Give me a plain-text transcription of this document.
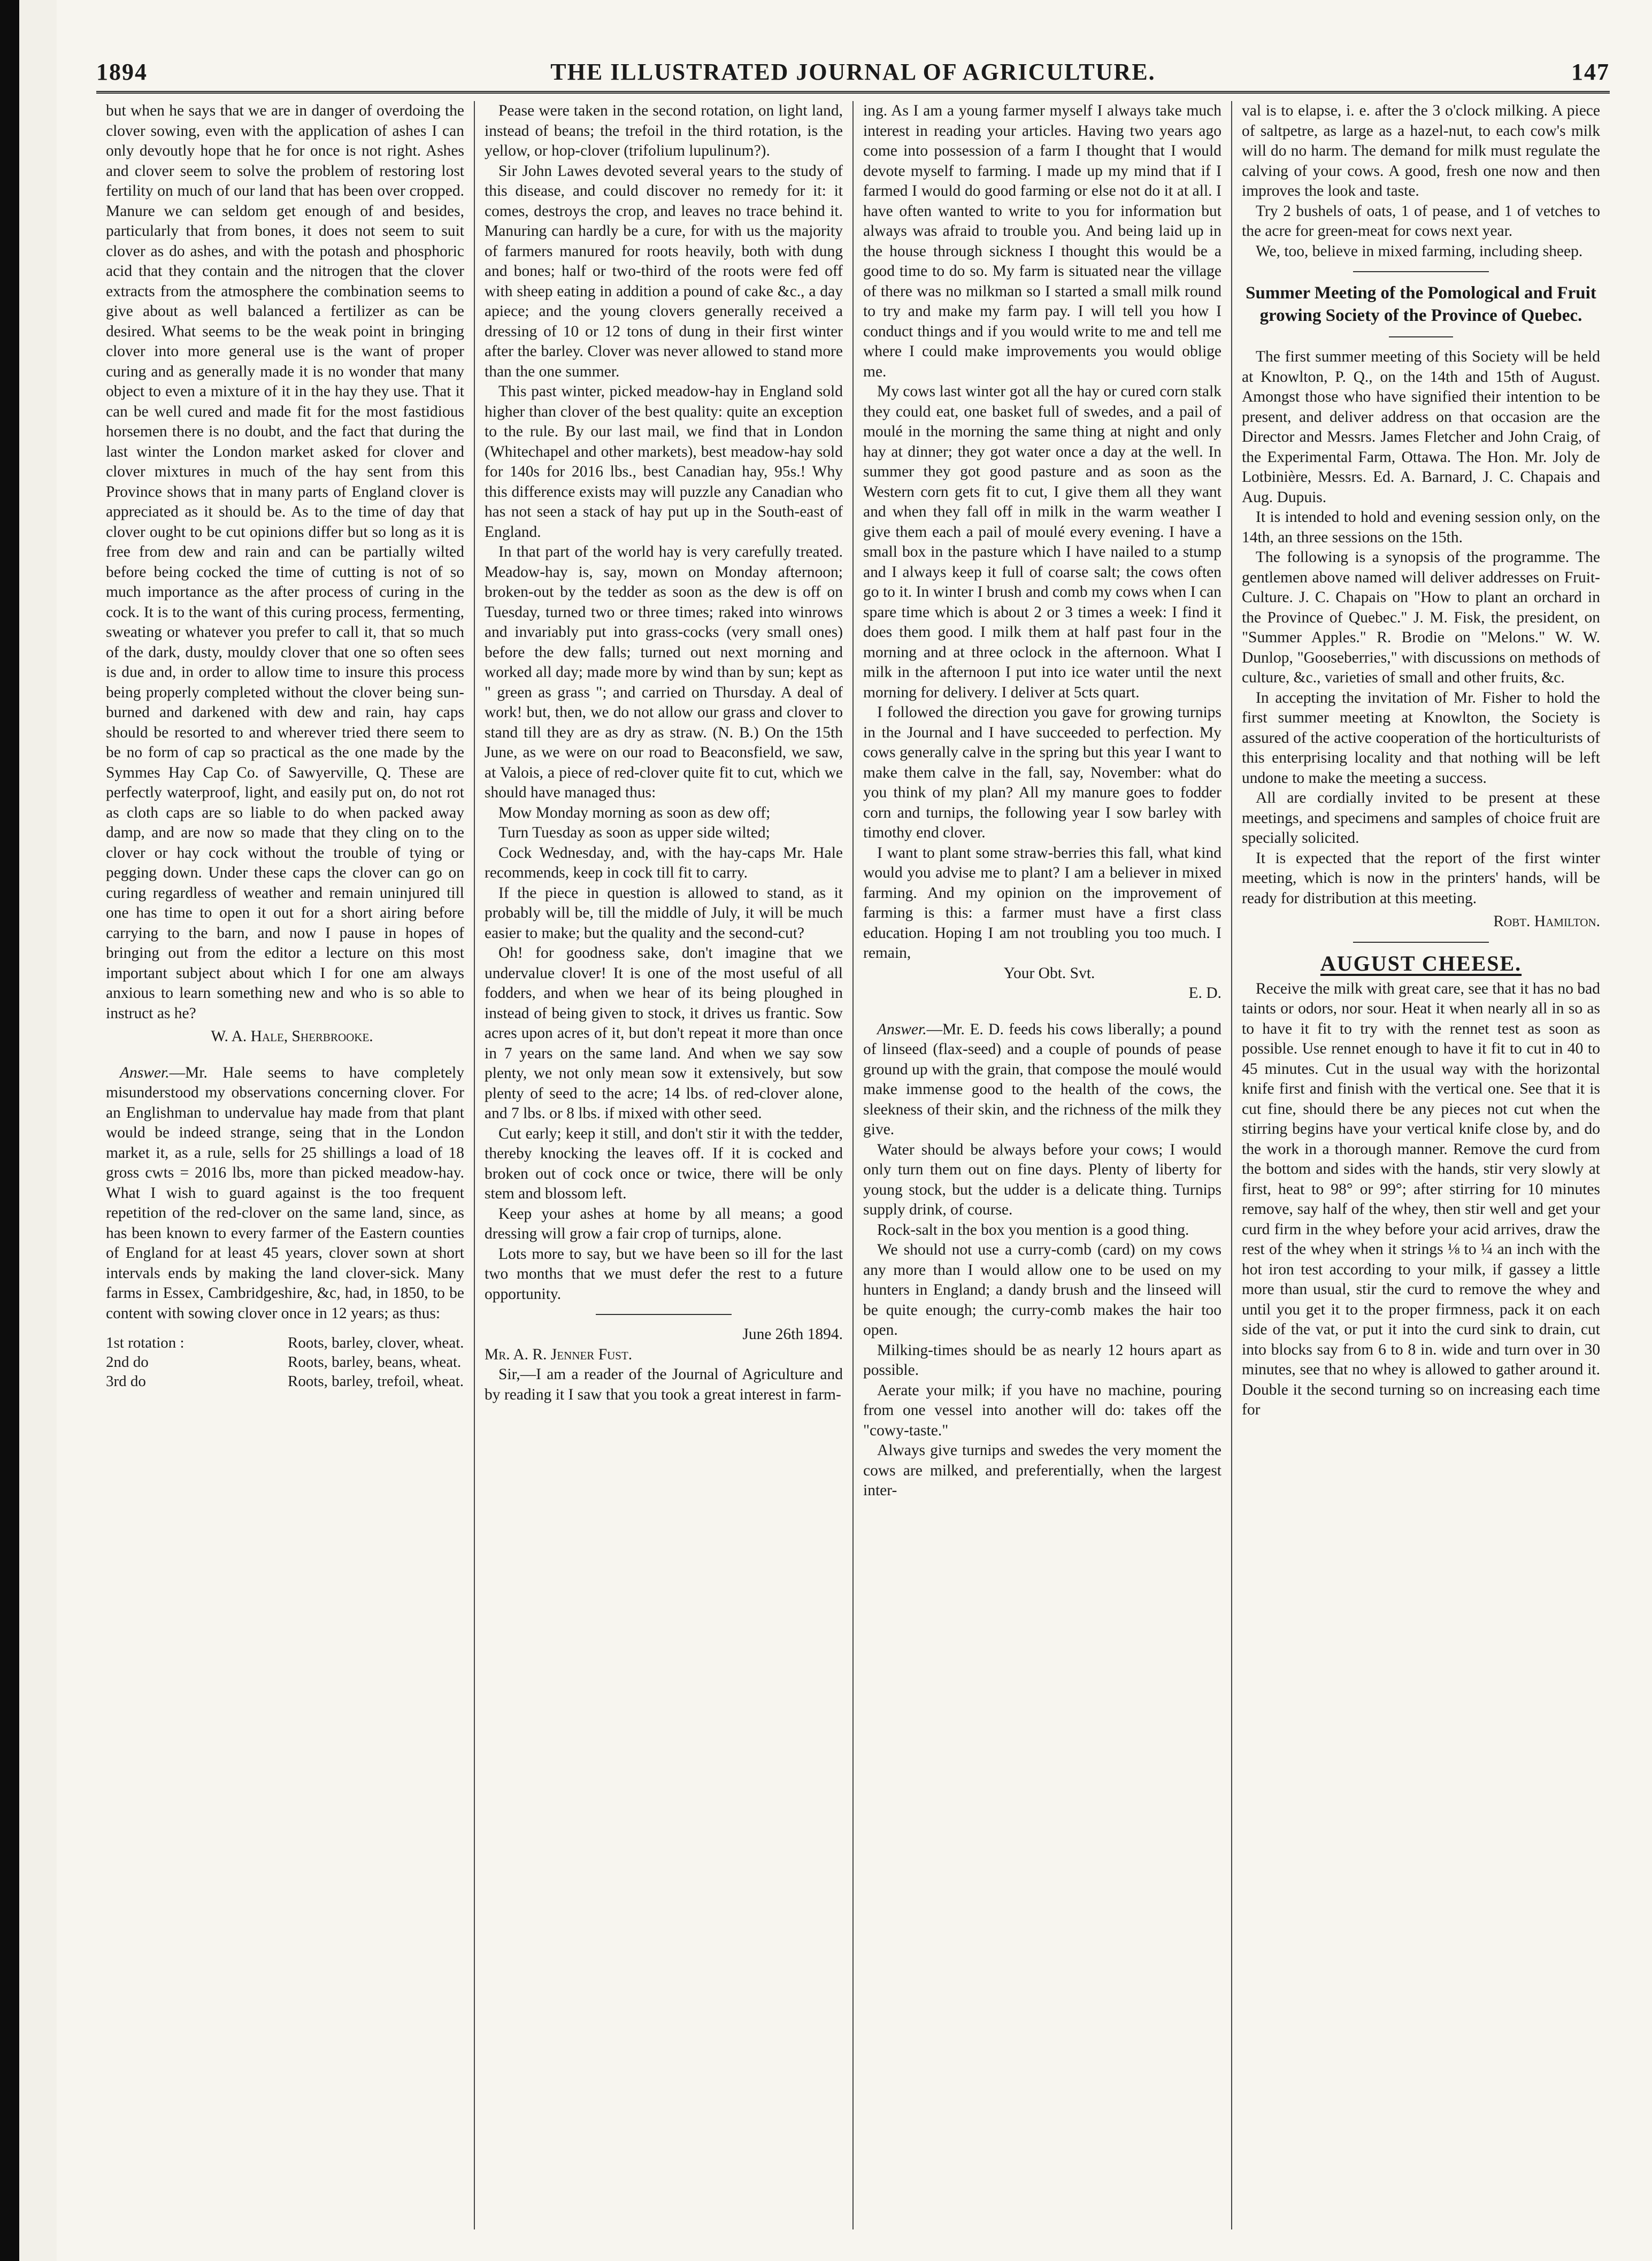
1894	THE ILLUSTRATED JOURNAL OF AGRICULTURE.	147

but when he says that we are in danger of overdoing the clover sowing, even with the application of ashes I can only devoutly hope that he for once is not right. Ashes and clover seem to solve the problem of restoring lost fertility on much of our land that has been over cropped. Manure we can seldom get enough of and besides, particularly that from bones, it does not seem to suit clover as do ashes, and with the potash and phosphoric acid that they contain and the nitrogen that the clover extracts from the atmosphere the combination seems to give about as well balanced a fertilizer as can be desired. What seems to be the weak point in bringing clover into more general use is the want of proper curing and as generally made it is no wonder that many object to even a mixture of it in the hay they use. That it can be well cured and made fit for the most fastidious horsemen there is no doubt, and the fact that during the last winter the London market asked for clover and clover mixtures in much of the hay sent from this Province shows that in many parts of England clover is appreciated as it should be. As to the time of day that clover ought to be cut opinions differ but so long as it is free from dew and rain and can be partially wilted before being cocked the time of cutting is not of so much importance as the after process of curing in the cock. It is to the want of this curing process, fermenting, sweating or whatever you prefer to call it, that so much of the dark, dusty, mouldy clover that one so often sees is due and, in order to allow time to insure this process being properly completed without the clover being sun-burned and darkened with dew and rain, hay caps should be resorted to and wherever tried there seem to be no form of cap so practical as the one made by the Symmes Hay Cap Co. of Sawyerville, Q. These are perfectly waterproof, light, and easily put on, do not rot as cloth caps are so liable to do when packed away damp, and are now so made that they cling on to the clover or hay cock without the trouble of tying or pegging down. Under these caps the clover can go on curing regardless of weather and remain uninjured till one has time to open it out for a short airing before carrying to the barn, and now I pause in hopes of bringing out from the editor a lecture on this most important subject about which I for one am always anxious to learn something new and who is so able to instruct as he?

W. A. Hale, Sherbrooke.

Answer.—Mr. Hale seems to have completely misunderstood my observations concerning clover. For an Englishman to undervalue hay made from that plant would be indeed strange, seing that in the London market it, as a rule, sells for 25 shillings a load of 18 gross cwts = 2016 lbs, more than picked meadow-hay. What I wish to guard against is the too frequent repetition of the red-clover on the same land, since, as has been known to every farmer of the Eastern counties of England for at least 45 years, clover sown at short intervals ends by making the land clover-sick. Many farms in Essex, Cambridgeshire, &c, had, in 1850, to be content with sowing clover once in 12 years; as thus:

1st rotation :	Roots, barley, clover, wheat.
2nd do	Roots, barley, beans, wheat.
3rd do	Roots, barley, trefoil, wheat.

Pease were taken in the second rotation, on light land, instead of beans; the trefoil in the third rotation, is the yellow, or hop-clover (trifolium lupulinum?).

Sir John Lawes devoted several years to the study of this disease, and could discover no remedy for it: it comes, destroys the crop, and leaves no trace behind it. Manuring can hardly be a cure, for with us the majority of farmers manured for roots heavily, both with dung and bones; half or two-third of the roots were fed off with sheep eating in addition a pound of cake &c., a day apiece; and the young clovers generally received a dressing of 10 or 12 tons of dung in their first winter after the barley. Clover was never allowed to stand more than the one summer.

This past winter, picked meadow-hay in England sold higher than clover of the best quality: quite an exception to the rule. By our last mail, we find that in London (Whitechapel and other markets), best meadow-hay sold for 140s for 2016 lbs., best Canadian hay, 95s.! Why this difference exists may will puzzle any Canadian who has not seen a stack of hay put up in the South-east of England.

In that part of the world hay is very carefully treated. Meadow-hay is, say, mown on Monday afternoon; broken-out by the tedder as soon as the dew is off on Tuesday, turned two or three times; raked into winrows and invariably put into grass-cocks (very small ones) before the dew falls; turned out next morning and worked all day; made more by wind than by sun; kept as " green as grass "; and carried on Thursday. A deal of work! but, then, we do not allow our grass and clover to stand till they are as dry as straw. (N. B.) On the 15th June, as we were on our road to Beaconsfield, we saw, at Valois, a piece of red-clover quite fit to cut, which we should have managed thus:

Mow Monday morning as soon as dew off;

Turn Tuesday as soon as upper side wilted;

Cock Wednesday, and, with the hay-caps Mr. Hale recommends, keep in cock till fit to carry.

If the piece in question is allowed to stand, as it probably will be, till the middle of July, it will be much easier to make; but the quality and the second-cut?

Oh! for goodness sake, don't imagine that we undervalue clover! It is one of the most useful of all fodders, and when we hear of its being ploughed in instead of being given to stock, it drives us frantic. Sow acres upon acres of it, but don't repeat it more than once in 7 years on the same land. And when we say sow plenty, we not only mean sow it extensively, but sow plenty of seed to the acre; 14 lbs. of red-clover alone, and 7 lbs. or 8 lbs. if mixed with other seed.

Cut early; keep it still, and don't stir it with the tedder, thereby knocking the leaves off. If it is cocked and broken out of cock once or twice, there will be only stem and blossom left.

Keep your ashes at home by all means; a good dressing will grow a fair crop of turnips, alone.

Lots more to say, but we have been so ill for the last two months that we must defer the rest to a future opportunity.

June 26th 1894.

Mr. A. R. Jenner Fust.

Sir,—I am a reader of the Journal of Agriculture and by reading it I saw that you took a great interest in farm-

ing. As I am a young farmer myself I always take much interest in reading your articles. Having two years ago come into possession of a farm I thought that I would devote myself to farming. I made up my mind that if I farmed I would do good farming or else not do it at all. I have often wanted to write to you for information but always was afraid to trouble you. And being laid up in the house through sickness I thought this would be a good time to do so. My farm is situated near the village of there was no milkman so I started a small milk round to try and make my farm pay. I will tell you how I conduct things and if you would write to me and tell me where I could make improvements you would oblige me.

My cows last winter got all the hay or cured corn stalk they could eat, one basket full of swedes, and a pail of moulé in the morning the same thing at night and only hay at dinner; they got water once a day at the well. In summer they got good pasture and as soon as the Western corn gets fit to cut, I give them all they want and when they fall off in milk in the warm weather I give them each a pail of moulé every evening. I have a small box in the pasture which I have nailed to a stump and I always keep it full of coarse salt; the cows often go to it. In winter I brush and comb my cows when I can spare time which is about 2 or 3 times a week: I find it does them good. I milk them at half past four in the morning and at three oclock in the afternoon. What I milk in the afternoon I put into ice water until the next morning for delivery. I deliver at 5cts quart.

I followed the direction you gave for growing turnips in the Journal and I have succeeded to perfection. My cows generally calve in the spring but this year I want to make them calve in the fall, say, November: what do you think of my plan? All my manure goes to fodder corn and turnips, the following year I sow barley with timothy end clover.

I want to plant some straw-berries this fall, what kind would you advise me to plant? I am a believer in mixed farming. And my opinion on the improvement of farming is this: a farmer must have a first class education. Hoping I am not troubling you too much. I remain,

Your Obt. Svt.

E. D.

Answer.—Mr. E. D. feeds his cows liberally; a pound of linseed (flax-seed) and a couple of pounds of pease ground up with the grain, that compose the moulé would make immense good to the health of the cows, the sleekness of their skin, and the richness of the milk they give.

Water should be always before your cows; I would only turn them out on fine days. Plenty of liberty for young stock, but the udder is a delicate thing. Turnips supply drink, of course.

Rock-salt in the box you mention is a good thing.

We should not use a curry-comb (card) on my cows any more than I would allow one to be used on my hunters in England; a dandy brush and the linseed will be quite enough; the curry-comb makes the hair too open.

Milking-times should be as nearly 12 hours apart as possible.

Aerate your milk; if you have no machine, pouring from one vessel into another will do: takes off the "cowy-taste."

Always give turnips and swedes the very moment the cows are milked, and preferentially, when the largest inter-

val is to elapse, i. e. after the 3 o'clock milking. A piece of saltpetre, as large as a hazel-nut, to each cow's milk will do no harm. The demand for milk must regulate the calving of your cows. A good, fresh one now and then improves the look and taste.

Try 2 bushels of oats, 1 of pease, and 1 of vetches to the acre for green-meat for cows next year.

We, too, believe in mixed farming, including sheep.

Summer Meeting of the Pomological and Fruit growing Society of the Province of Quebec.

The first summer meeting of this Society will be held at Knowlton, P. Q., on the 14th and 15th of August. Amongst those who have signified their intention to be present, and deliver address on that occasion are the Director and Messrs. James Fletcher and John Craig, of the Experimental Farm, Ottawa. The Hon. Mr. Joly de Lotbinière, Messrs. Ed. A. Barnard, J. C. Chapais and Aug. Dupuis.

It is intended to hold and evening session only, on the 14th, an three sessions on the 15th.

The following is a synopsis of the programme. The gentlemen above named will deliver addresses on Fruit-Culture. J. C. Chapais on "How to plant an orchard in the Province of Quebec." J. M. Fisk, the president, on "Summer Apples." R. Brodie on "Melons." W. W. Dunlop, "Gooseberries," with discussions on methods of culture, &c., varieties of small and other fruits, &c.

In accepting the invitation of Mr. Fisher to hold the first summer meeting at Knowlton, the Society is assured of the active cooperation of the horticulturists of this enterprising locality and that nothing will be left undone to make the meeting a success.

All are cordially invited to be present at these meetings, and specimens and samples of choice fruit are specially solicited.

It is expected that the report of the first winter meeting, which is now in the printers' hands, will be ready for distribution at this meeting.

Robt. Hamilton.

AUGUST CHEESE.

Receive the milk with great care, see that it has no bad taints or odors, nor sour. Heat it when nearly all in so as to have it fit to try with the rennet test as soon as possible. Use rennet enough to have it fit to cut in 40 to 45 minutes. Cut in the usual way with the horizontal knife first and finish with the vertical one. See that it is cut fine, should there be any pieces not cut when the stirring begins have your vertical knife close by, and do the work in a thorough manner. Remove the curd from the bottom and sides with the hands, stir very slowly at first, heat to 98° or 99°; after stirring for 10 minutes remove, say half of the whey, then stir well and get your curd firm in the whey before your acid arrives, draw the rest of the whey when it strings ⅛ to ¼ an inch with the hot iron test according to your milk, if gassey a little more than usual, stir the curd to remove the whey and until you get it to the proper firmness, pack it on each side of the vat, or put it into the curd sink to drain, cut into blocks say from 6 to 8 in. wide and turn over in 30 minutes, see that no whey is allowed to gather around it. Double it the second turning so on increasing each time for
